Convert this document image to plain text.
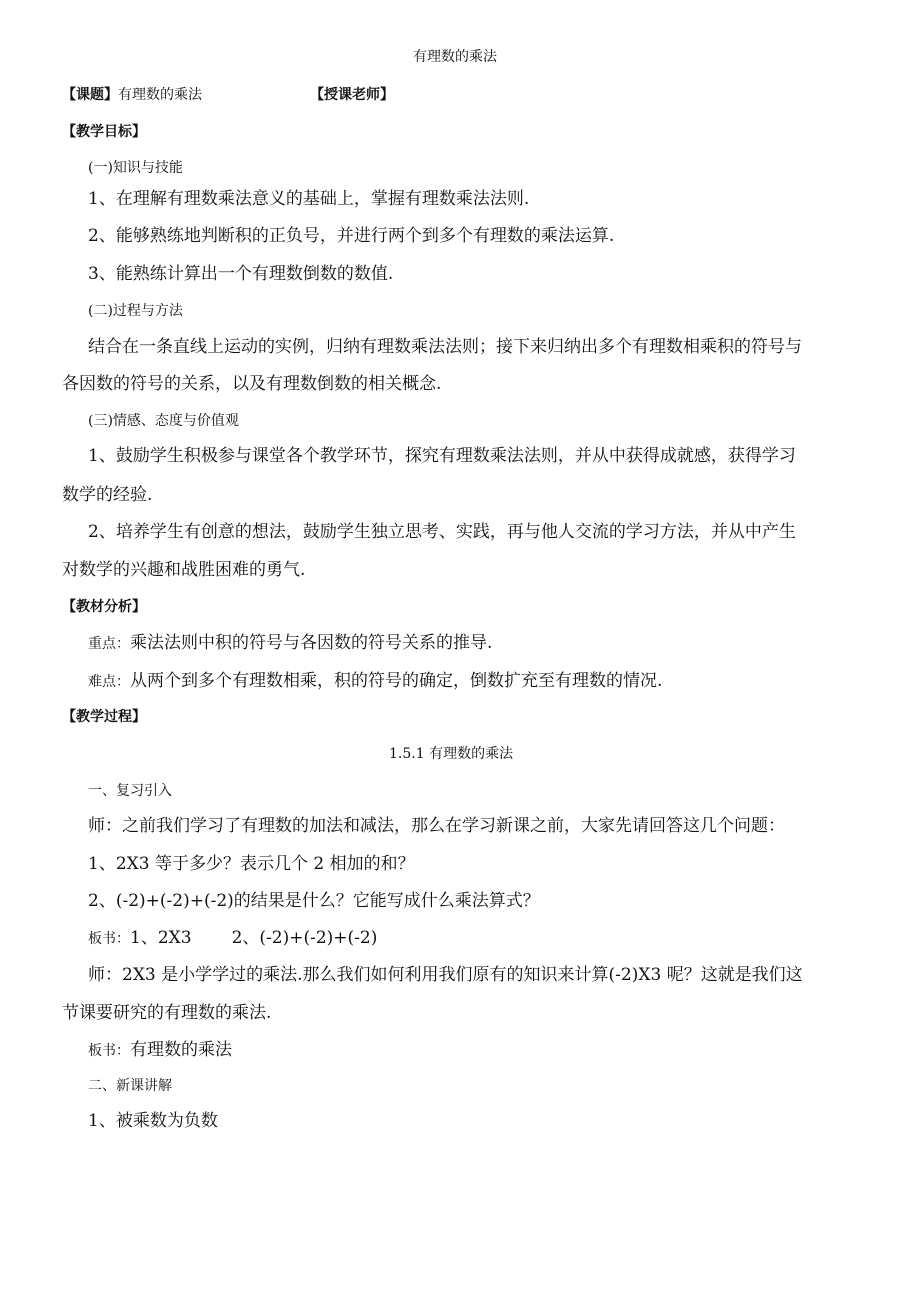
有理数的乘法
【课题】有理数的乘法	【授课老师】
【教学目标】
(一)知识与技能
1、在理解有理数乘法意义的基础上，掌握有理数乘法法则.
2、能够熟练地判断积的正负号，并进行两个到多个有理数的乘法运算.
3、能熟练计算出一个有理数倒数的数值.
(二)过程与方法
结合在一条直线上运动的实例，归纳有理数乘法法则；接下来归纳出多个有理数相乘积的符号与
各因数的符号的关系，以及有理数倒数的相关概念.
(三)情感、态度与价值观
1、鼓励学生积极参与课堂各个教学环节，探究有理数乘法法则，并从中获得成就感，获得学习
数学的经验.
2、培养学生有创意的想法，鼓励学生独立思考、实践，再与他人交流的学习方法，并从中产生
对数学的兴趣和战胜困难的勇气.
【教材分析】
重点：乘法法则中积的符号与各因数的符号关系的推导.
难点：从两个到多个有理数相乘，积的符号的确定，倒数扩充至有理数的情况.
【教学过程】
1.5.1 有理数的乘法
一、复习引入
师：之前我们学习了有理数的加法和减法，那么在学习新课之前，大家先请回答这几个问题：
1、2X3 等于多少？表示几个 2 相加的和？
2、(-2)+(-2)+(-2)的结果是什么？它能写成什么乘法算式？
板书：1、2X3 2、(-2)+(-2)+(-2)
师：2X3 是小学学过的乘法.那么我们如何利用我们原有的知识来计算(-2)X3 呢？这就是我们这
节课要研究的有理数的乘法.
板书：有理数的乘法
二、新课讲解
1、被乘数为负数
